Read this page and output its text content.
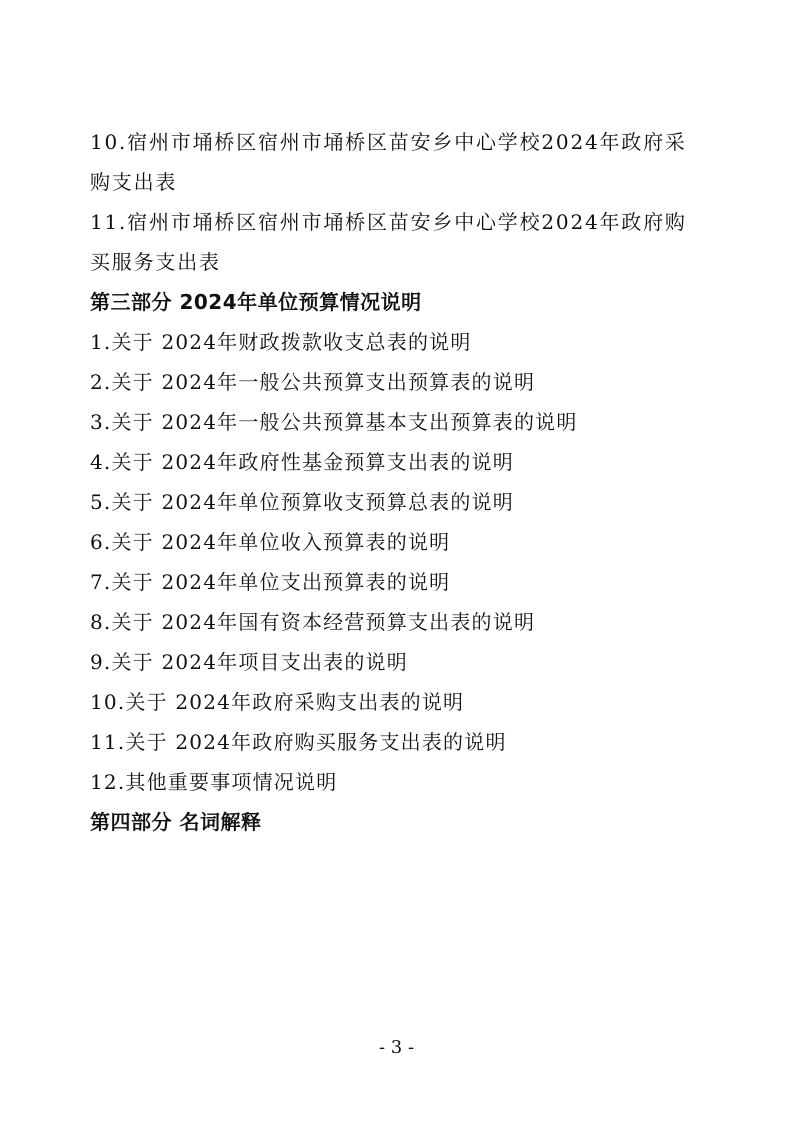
10.宿州市埇桥区宿州市埇桥区苗安乡中心学校2024年政府采购支出表
11.宿州市埇桥区宿州市埇桥区苗安乡中心学校2024年政府购买服务支出表
第三部分 2024年单位预算情况说明
1.关于 2024年财政拨款收支总表的说明
2.关于 2024年一般公共预算支出预算表的说明
3.关于 2024年一般公共预算基本支出预算表的说明
4.关于 2024年政府性基金预算支出表的说明
5.关于 2024年单位预算收支预算总表的说明
6.关于 2024年单位收入预算表的说明
7.关于 2024年单位支出预算表的说明
8.关于 2024年国有资本经营预算支出表的说明
9.关于 2024年项目支出表的说明
10.关于 2024年政府采购支出表的说明
11.关于 2024年政府购买服务支出表的说明
12.其他重要事项情况说明
第四部分 名词解释
- 3 -
